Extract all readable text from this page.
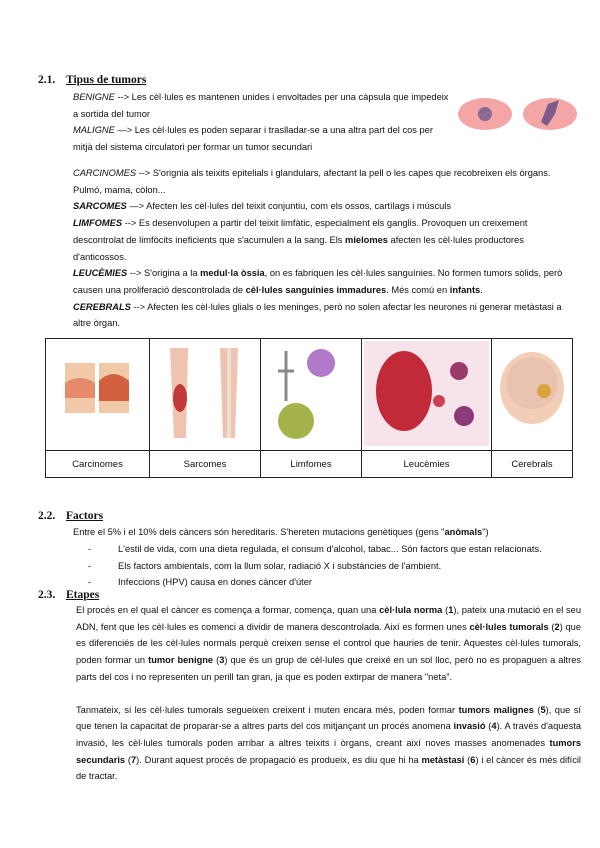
2.1. Tipus de tumors
BENIGNE --> Les cèl·lules es mantenen unides i envoltades per una càpsula que impedeix a sortida del tumor
MALIGNE —> Les cèl·lules es poden separar i traslladar-se a una altra part del cos per mitjà del sistema circulatori per formar un tumor secundari
CARCINOMES --> S'orignia als teixits epitelials i glandulars, afectant la pell o les capes que recobreixen els òrgans. Pulmó, mama, còlon...
SARCOMES —> Afecten les cèl·lules del teixit conjuntiu, com els ossos, cartílags i músculs
LIMFOMES --> Es desenvolupen a partir del teixit limfàtic, especialment els ganglis. Provoquen un creixement descontrolat de limfòcits ineficients que s'acumulen a la sang. Els mielomes afecten les cèl·lules productores d'anticossos.
LEUCÈMIES --> S'origina a la medul·la òssia, on es fabriquen les cèl·lules sanguínies. No formen tumors sòlids, però causen una proliferació descontrolada de cèl·lules sanguínies immadures. Més comú en infants.
CEREBRALS --> Afecten les cèl·lules glials o les meninges, però no solen afectar les neurones ni generar metàstasi a altre òrgan.

Carcinomes	Sarcomes	Limfomes	Leucèmies	Cerebrals
2.2. Factors
Entre el 5% i el 10% dels càncers són hereditaris. S'hereten mutacions genètiques (gens "anòmals")
- L'estil de vida, com una dieta regulada, el consum d'alcohol, tabac... Són factors que estan relacionats.
- Els factors ambientals, com la llum solar, radiació X i substàncies de l'ambient.
- Infeccions (HPV) causa en dones càncer d'úter
2.3. Etapes
El procés en el qual el càncer es comença a formar, comença, quan una cèl·lula norma (1), pateix una mutació en el seu ADN, fent que les cèl·lules es comenci a dividir de manera descontrolada. Així es formen unes cèl·lules tumorals (2) que es diferenciés de les cèl·lules normals perquè creixen sense el control que hauries de tenir. Aquestes cèl·lules tumorals, poden formar un tumor benigne (3) que és un grup de cèl·lules que creixé en un sol lloc, però no es propaguen a altres parts del cos i no representen un perill tan gran, ja que es poden extirpar de manera "neta".
Tanmateix, si les cèl·lules tumorals segueixen creixent i muten encara més, poden formar tumors malignes (5), que sí que tenen la capacitat de proparar-se a altres parts del cos mitjançant un procés anomena invasió (4). A través d'aquesta invasió, les cèl·lules tumorals poden arribar a altres teixits i òrgans, creant així noves masses anomenades tumors secundaris (7). Durant aquest procés de propagació es produeix, es diu que hi ha metàstasi (6) i el càncer és més difícil de tractar.
